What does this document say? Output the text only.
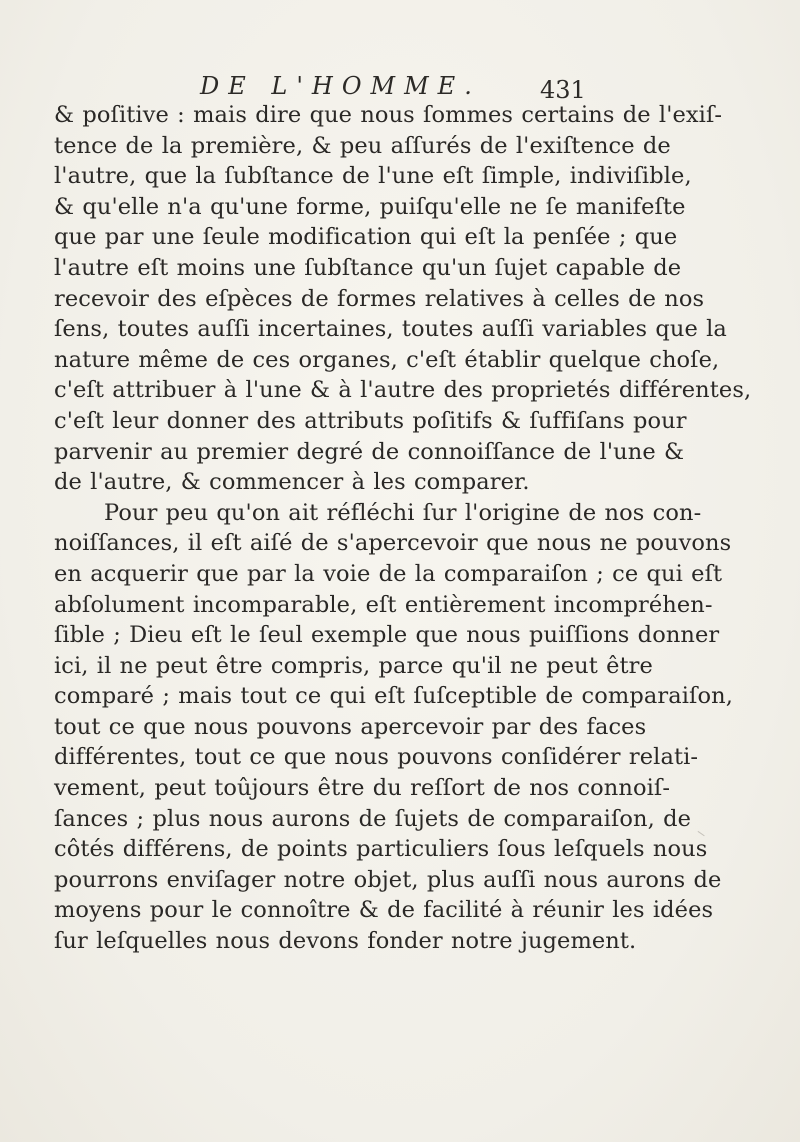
DE L'HOMME. 431
& poſitive : mais dire que nous ſommes certains de l'exiſ-
tence de la première, & peu aſſurés de l'exiſtence de
l'autre, que la ſubſtance de l'une eſt ſimple, indiviſible,
& qu'elle n'a qu'une forme, puiſqu'elle ne ſe manifeſte
que par une ſeule modification qui eſt la penſée ; que
l'autre eſt moins une ſubſtance qu'un ſujet capable de
recevoir des eſpèces de formes relatives à celles de nos
ſens, toutes auſſi incertaines, toutes auſſi variables que la
nature même de ces organes, c'eſt établir quelque choſe,
c'eſt attribuer à l'une & à l'autre des proprietés différentes,
c'eſt leur donner des attributs poſitifs & ſuffiſans pour
parvenir au premier degré de connoiſſance de l'une &
de l'autre, & commencer à les comparer.
Pour peu qu'on ait réfléchi ſur l'origine de nos con-
noiſſances, il eſt aiſé de s'apercevoir que nous ne pouvons
en acquerir que par la voie de la comparaiſon ; ce qui eſt
abſolument incomparable, eſt entièrement incompréhen-
ſible ; Dieu eſt le ſeul exemple que nous puiſſions donner
ici, il ne peut être compris, parce qu'il ne peut être
comparé ; mais tout ce qui eſt ſuſceptible de comparaiſon,
tout ce que nous pouvons apercevoir par des faces
différentes, tout ce que nous pouvons conſidérer relati-
vement, peut toûjours être du reſſort de nos connoiſ-
ſances ; plus nous aurons de ſujets de comparaiſon, de
côtés différens, de points particuliers ſous leſquels nous
pourrons enviſager notre objet, plus auſſi nous aurons de
moyens pour le connoître & de facilité à réunir les idées
ſur leſquelles nous devons fonder notre jugement.
